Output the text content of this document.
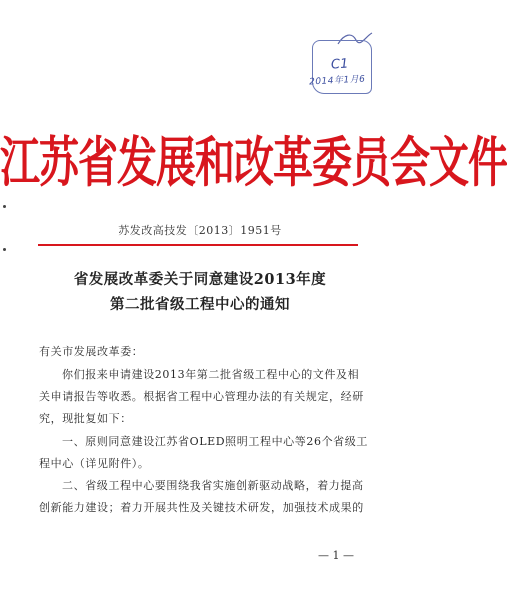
C1
2014年1月6
江苏省发展和改革委员会文件
苏发改高技发〔2013〕1951号
省发展改革委关于同意建设2013年度
第二批省级工程中心的通知
有关市发展改革委：
你们报来申请建设2013年第二批省级工程中心的文件及相
关申请报告等收悉。根据省工程中心管理办法的有关规定，经研
究，现批复如下：
一、原则同意建设江苏省OLED照明工程中心等26个省级工
程中心（详见附件）。
二、省级工程中心要围绕我省实施创新驱动战略，着力提高
创新能力建设；着力开展共性及关键技术研发，加强技术成果的
— 1 —
